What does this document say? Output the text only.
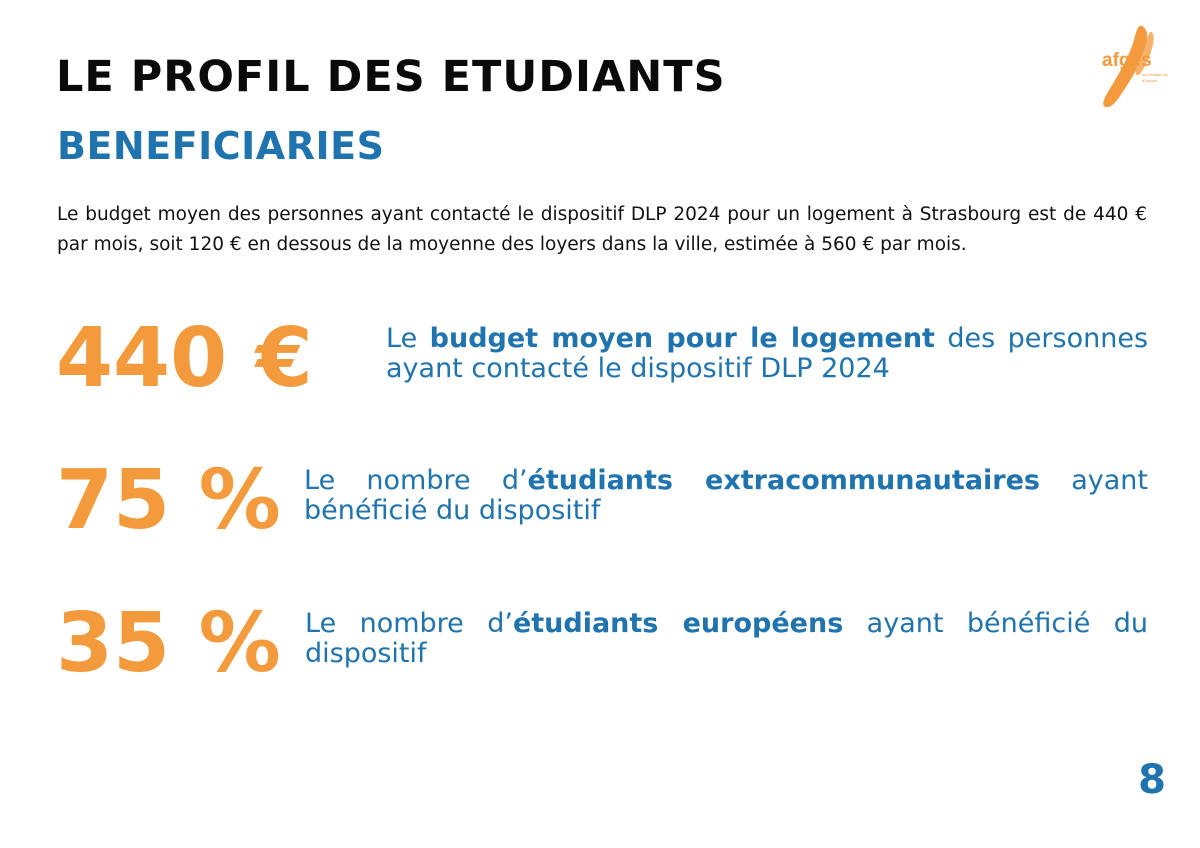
LE PROFIL DES ETUDIANTS
BENEFICIARIES
afges
les étudiant·es
d'Alsace

Le budget moyen des personnes ayant contacté le dispositif DLP 2024 pour un logement à Strasbourg est de 440 € par mois, soit 120 € en dessous de la moyenne des loyers dans la ville, estimée à 560 € par mois.

440 €	Le budget moyen pour le logement des personnes ayant contacté le dispositif DLP 2024

75 % Le nombre d’étudiants extracommunautaires ayant bénéficié du dispositif

35 % Le nombre d’étudiants européens ayant bénéficié du dispositif

8
